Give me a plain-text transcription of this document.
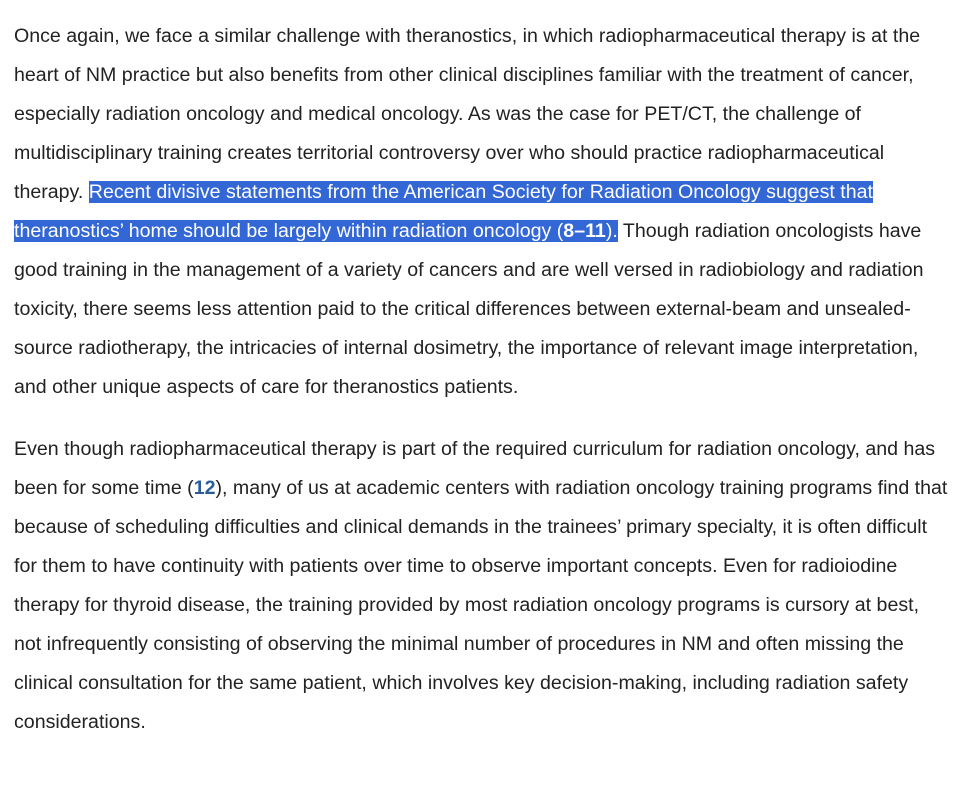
Once again, we face a similar challenge with theranostics, in which radiopharmaceutical therapy is at the heart of NM practice but also benefits from other clinical disciplines familiar with the treatment of cancer, especially radiation oncology and medical oncology. As was the case for PET/CT, the challenge of multidisciplinary training creates territorial controversy over who should practice radiopharmaceutical therapy. Recent divisive statements from the American Society for Radiation Oncology suggest that theranostics’ home should be largely within radiation oncology (8–11). Though radiation oncologists have good training in the management of a variety of cancers and are well versed in radiobiology and radiation toxicity, there seems less attention paid to the critical differences between external-beam and unsealed-source radiotherapy, the intricacies of internal dosimetry, the importance of relevant image interpretation, and other unique aspects of care for theranostics patients.

Even though radiopharmaceutical therapy is part of the required curriculum for radiation oncology, and has been for some time (12), many of us at academic centers with radiation oncology training programs find that because of scheduling difficulties and clinical demands in the trainees’ primary specialty, it is often difficult for them to have continuity with patients over time to observe important concepts. Even for radioiodine therapy for thyroid disease, the training provided by most radiation oncology programs is cursory at best, not infrequently consisting of observing the minimal number of procedures in NM and often missing the clinical consultation for the same patient, which involves key decision-making, including radiation safety considerations.
